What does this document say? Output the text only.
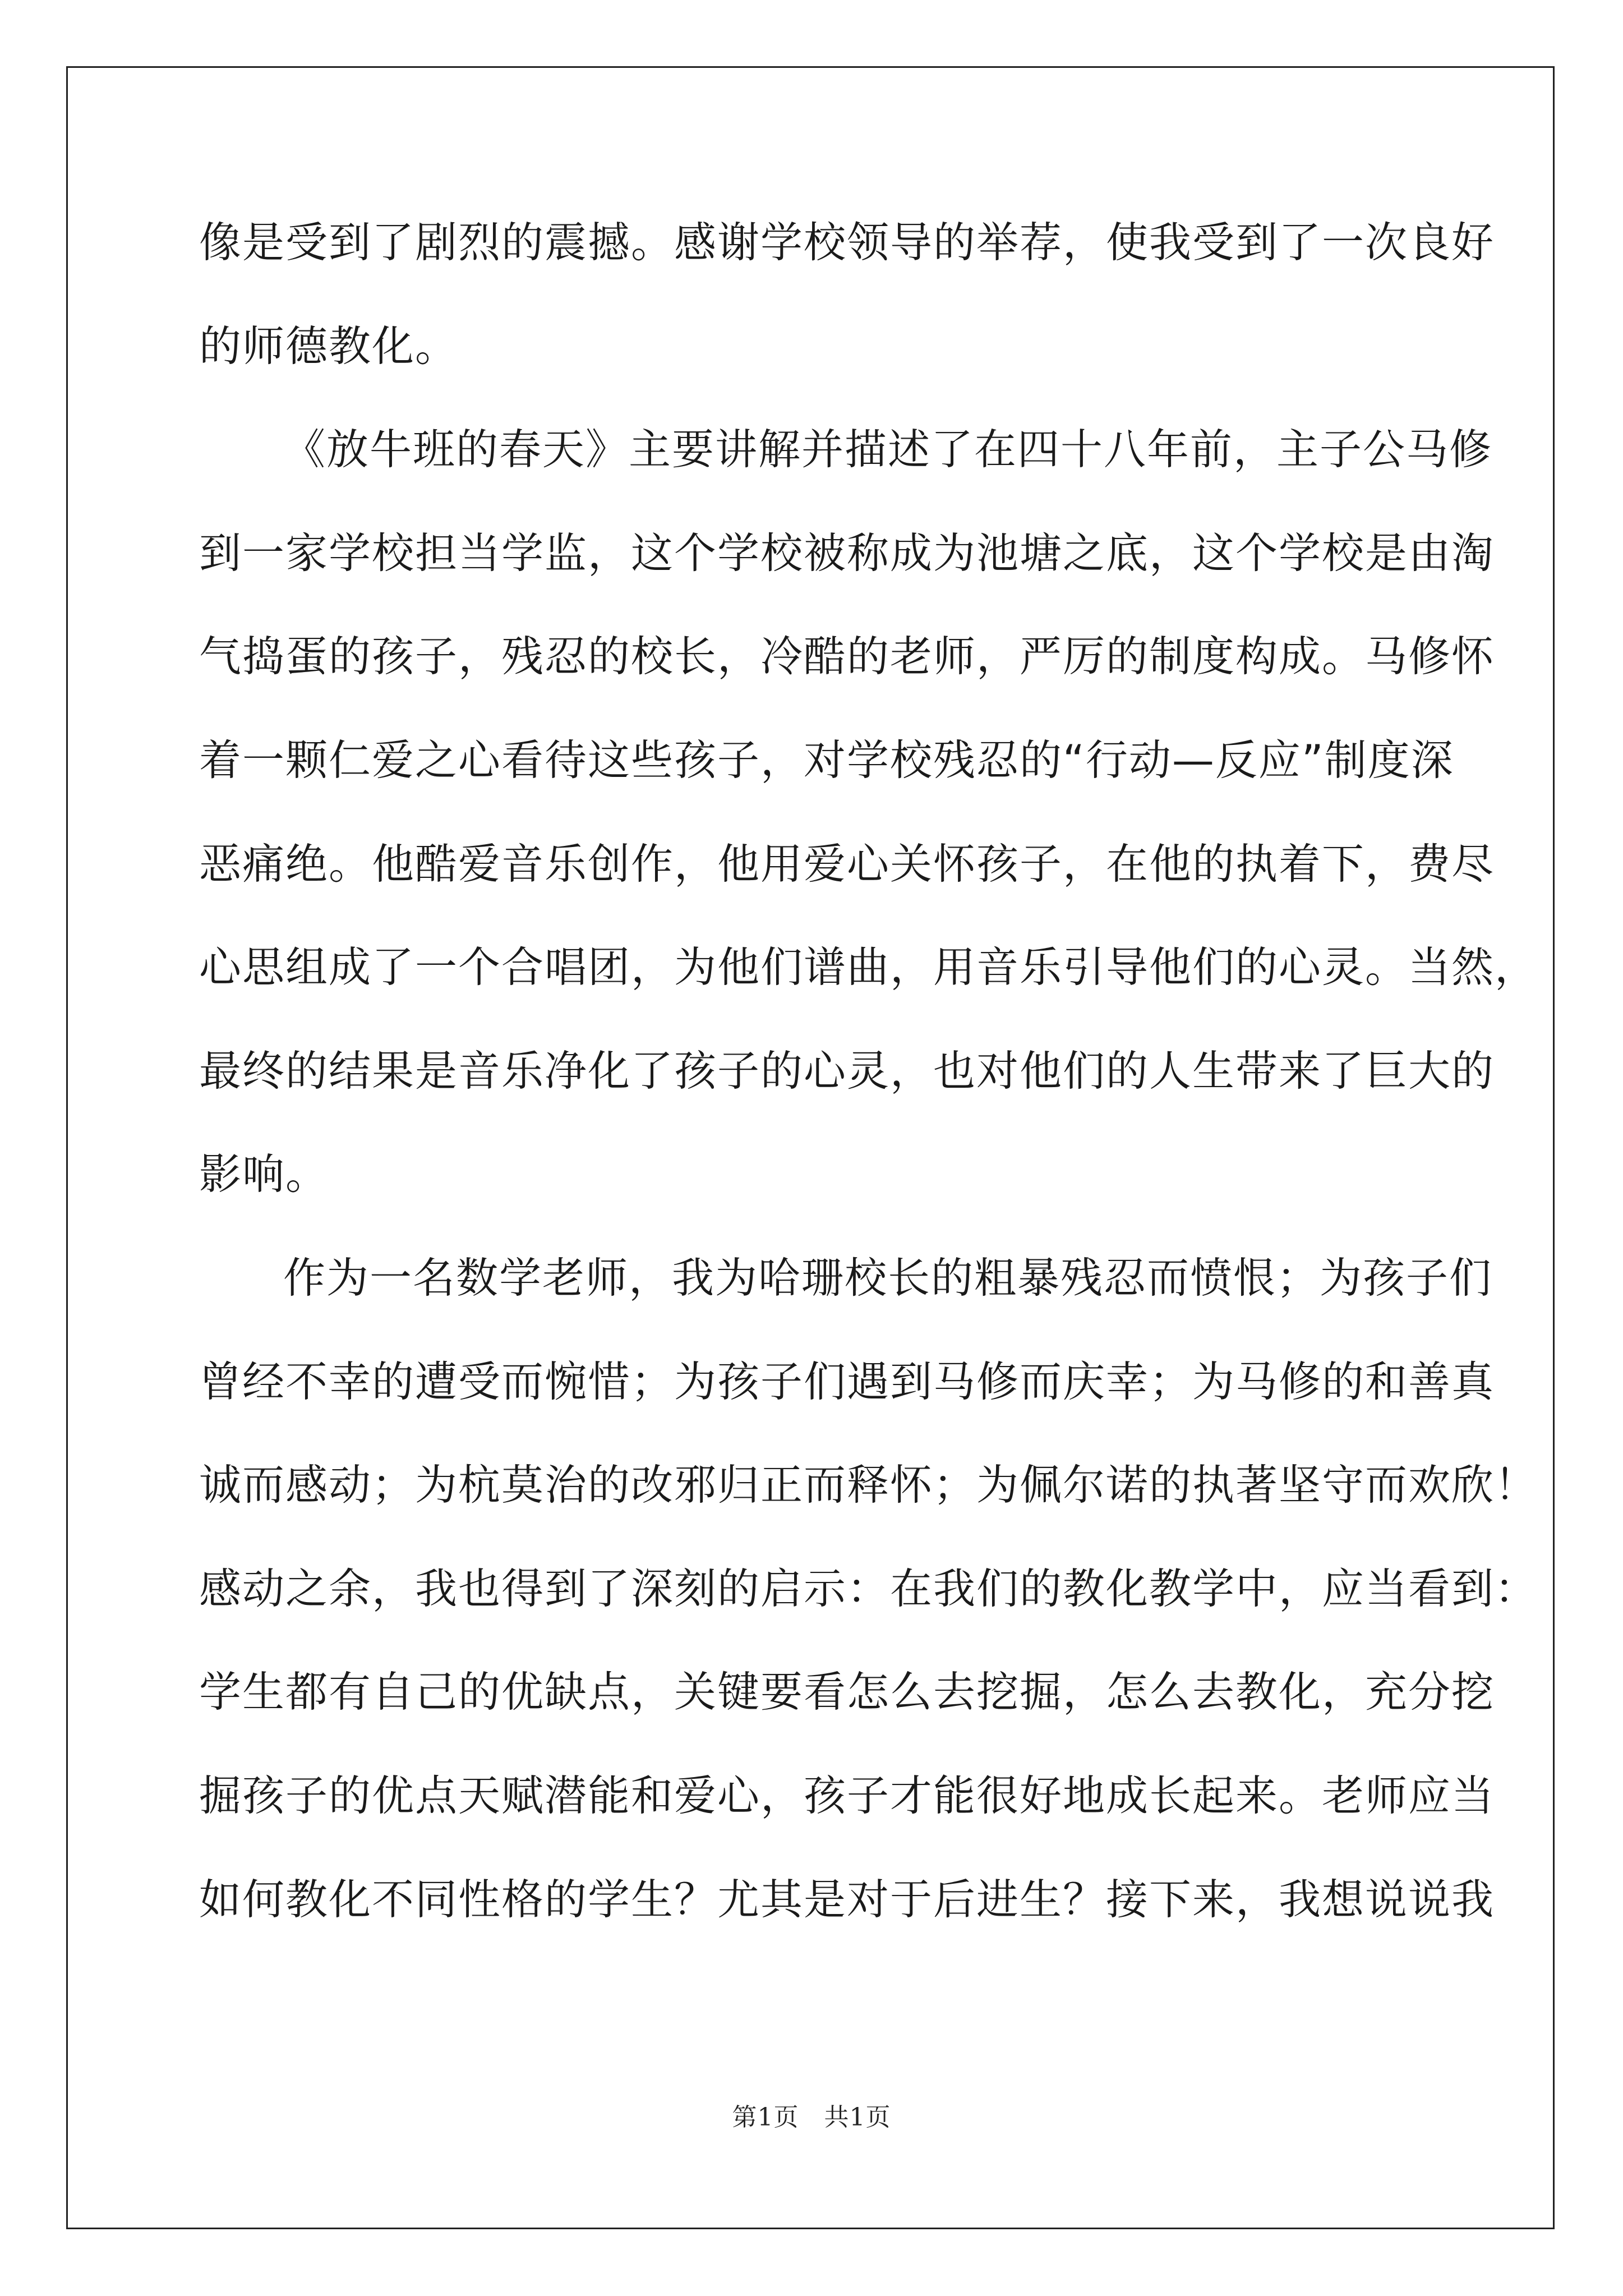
像是受到了剧烈的震撼。感谢学校领导的举荐，使我受到了一次良好
的师德教化。
《放牛班的春天》主要讲解并描述了在四十八年前，主子公马修
到一家学校担当学监，这个学校被称成为池塘之底，这个学校是由淘
气捣蛋的孩子，残忍的校长，冷酷的老师，严厉的制度构成。马修怀
着一颗仁爱之心看待这些孩子，对学校残忍的“行动—反应”制度深
恶痛绝。他酷爱音乐创作，他用爱心关怀孩子，在他的执着下，费尽
心思组成了一个合唱团，为他们谱曲，用音乐引导他们的心灵。当然，
最终的结果是音乐净化了孩子的心灵，也对他们的人生带来了巨大的
影响。
作为一名数学老师，我为哈珊校长的粗暴残忍而愤恨；为孩子们
曾经不幸的遭受而惋惜；为孩子们遇到马修而庆幸；为马修的和善真
诚而感动；为杭莫治的改邪归正而释怀；为佩尔诺的执著坚守而欢欣！
感动之余，我也得到了深刻的启示：在我们的教化教学中，应当看到：
学生都有自己的优缺点，关键要看怎么去挖掘，怎么去教化，充分挖
掘孩子的优点天赋潜能和爱心，孩子才能很好地成长起来。老师应当
如何教化不同性格的学生？尤其是对于后进生？接下来，我想说说我
第1页　共1页
